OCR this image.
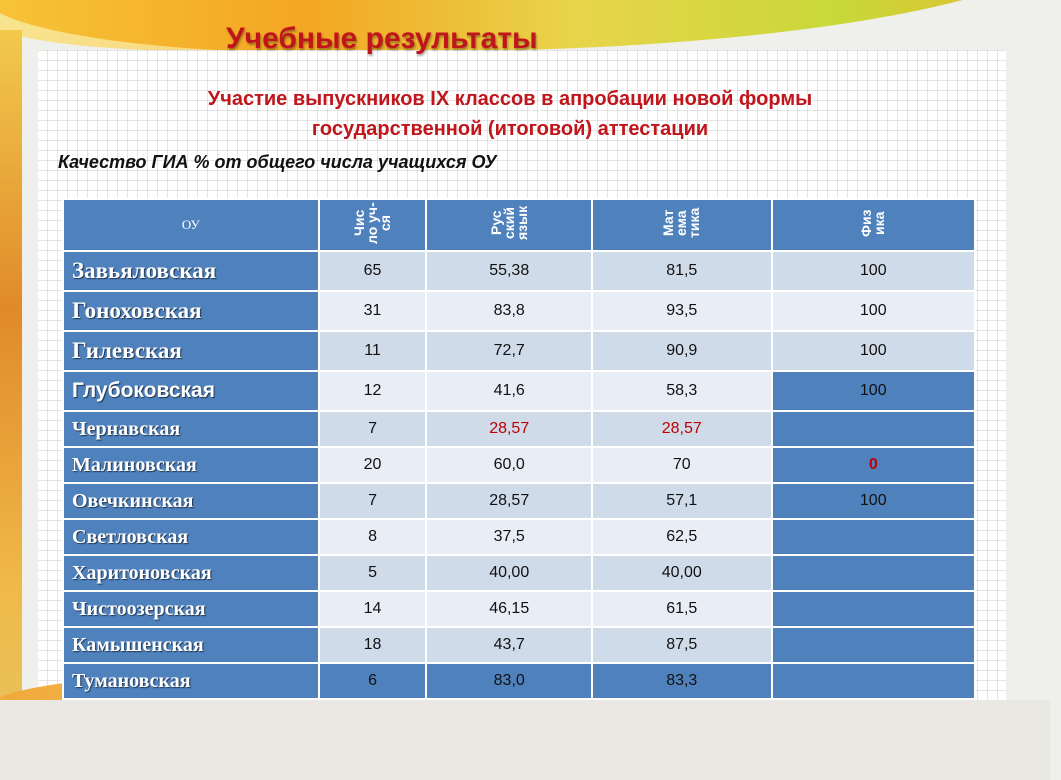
Учебные результаты
Участие выпускников IX классов в апробации новой формы
государственной (итоговой) аттестации
Качество ГИА % от общего числа учащихся ОУ
ОУ	Чис ло уч-ся	Рус ский язык	Мат ема тика	Физ ика
Завьяловская	65	55,38	81,5	100
Гоноховская	31	83,8	93,5	100
Гилевская	11	72,7	90,9	100
Глубоковская	12	41,6	58,3	100
Чернавская	7	28,57	28,57	
Малиновская	20	60,0	70	0
Овечкинская	7	28,57	57,1	100
Светловская	8	37,5	62,5	
Харитоновская	5	40,00	40,00	
Чистоозерская	14	46,15	61,5	
Камышенская	18	43,7	87,5	
Тумановская	6	83,0	83,3	
